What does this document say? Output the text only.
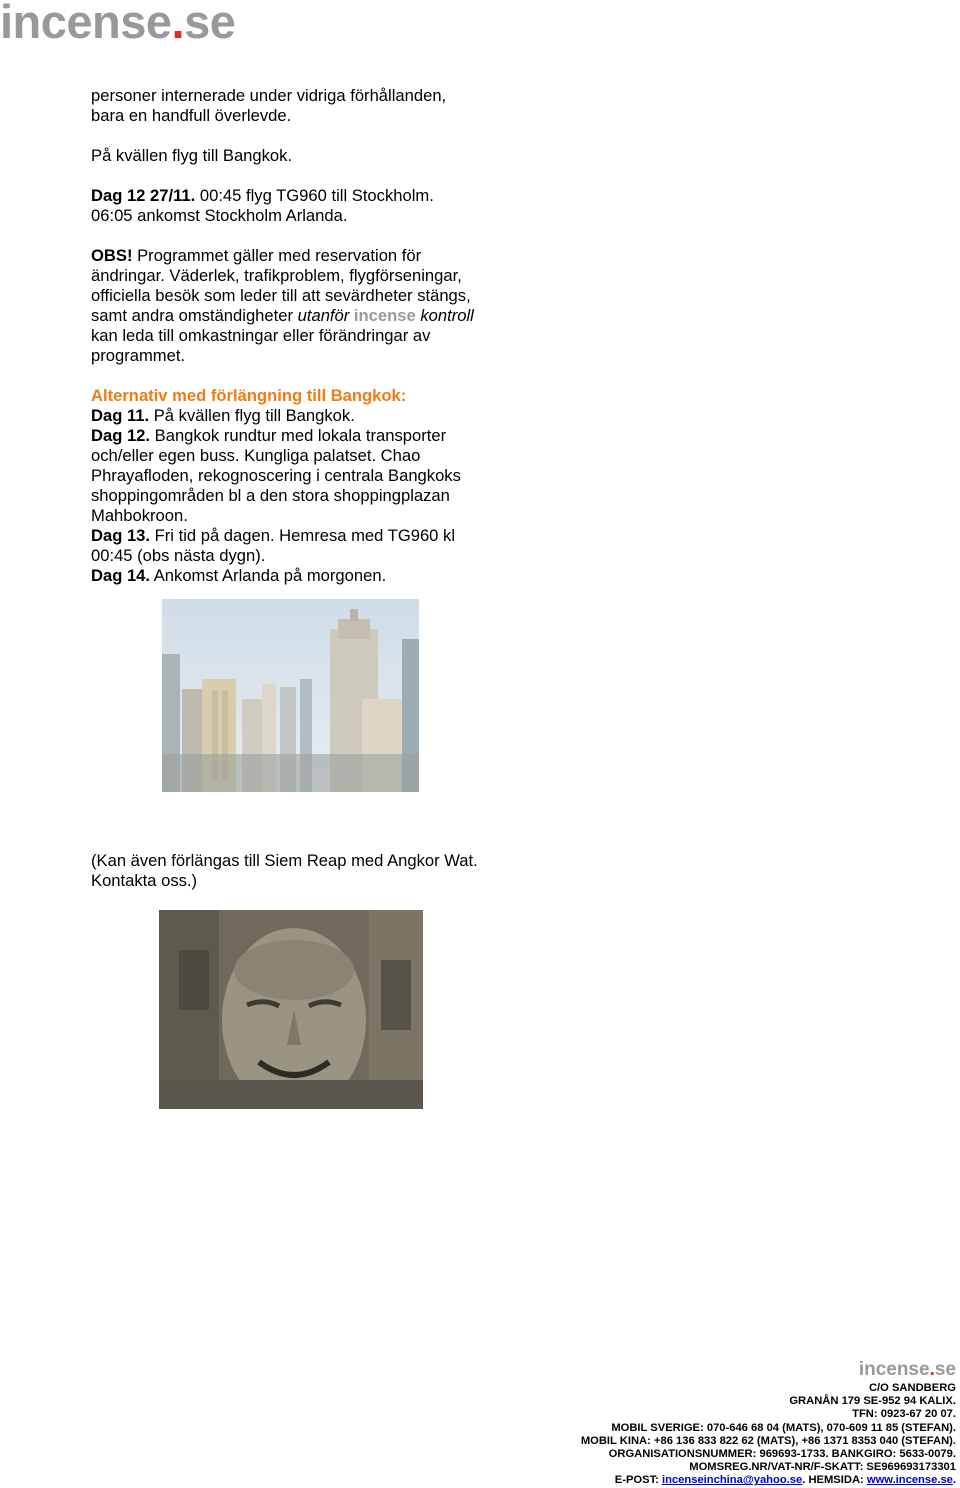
incense.se

personer internerade under vidriga förhållanden,
bara en handfull överlevde.

På kvällen flyg till Bangkok.

Dag 12 27/11. 00:45 flyg TG960 till Stockholm.
06:05 ankomst Stockholm Arlanda.

OBS! Programmet gäller med reservation för
ändringar. Väderlek, trafikproblem, flygförseningar,
officiella besök som leder till att sevärdheter stängs,
samt andra omständigheter utanför incense kontroll
kan leda till omkastningar eller förändringar av
programmet.

Alternativ med förlängning till Bangkok:

Dag 11. På kvällen flyg till Bangkok.

Dag 12. Bangkok rundtur med lokala transporter
och/eller egen buss. Kungliga palatset. Chao
Phrayafloden, rekognoscering i centrala Bangkoks
shoppingområden bl a den stora shoppingplazan
Mahbokroon.

Dag 13. Fri tid på dagen. Hemresa med TG960 kl
00:45 (obs nästa dygn).

Dag 14. Ankomst Arlanda på morgonen.

(Kan även förlängas till Siem Reap med Angkor Wat.

Kontakta oss.)

incense.se
C/O SANDBERG
GRANÅN 179 SE-952 94 KALIX.
TFN: 0923-67 20 07.
MOBIL SVERIGE: 070-646 68 04 (MATS), 070-609 11 85 (STEFAN).
MOBIL KINA: +86 136 833 822 62 (MATS), +86 1371 8353 040 (STEFAN).
ORGANISATIONSNUMMER: 969693-1733. BANKGIRO: 5633-0079.
MOMSREG.NR/VAT-NR/F-SKATT: SE969693173301
E-POST: incenseinchina@yahoo.se. HEMSIDA: www.incense.se.
